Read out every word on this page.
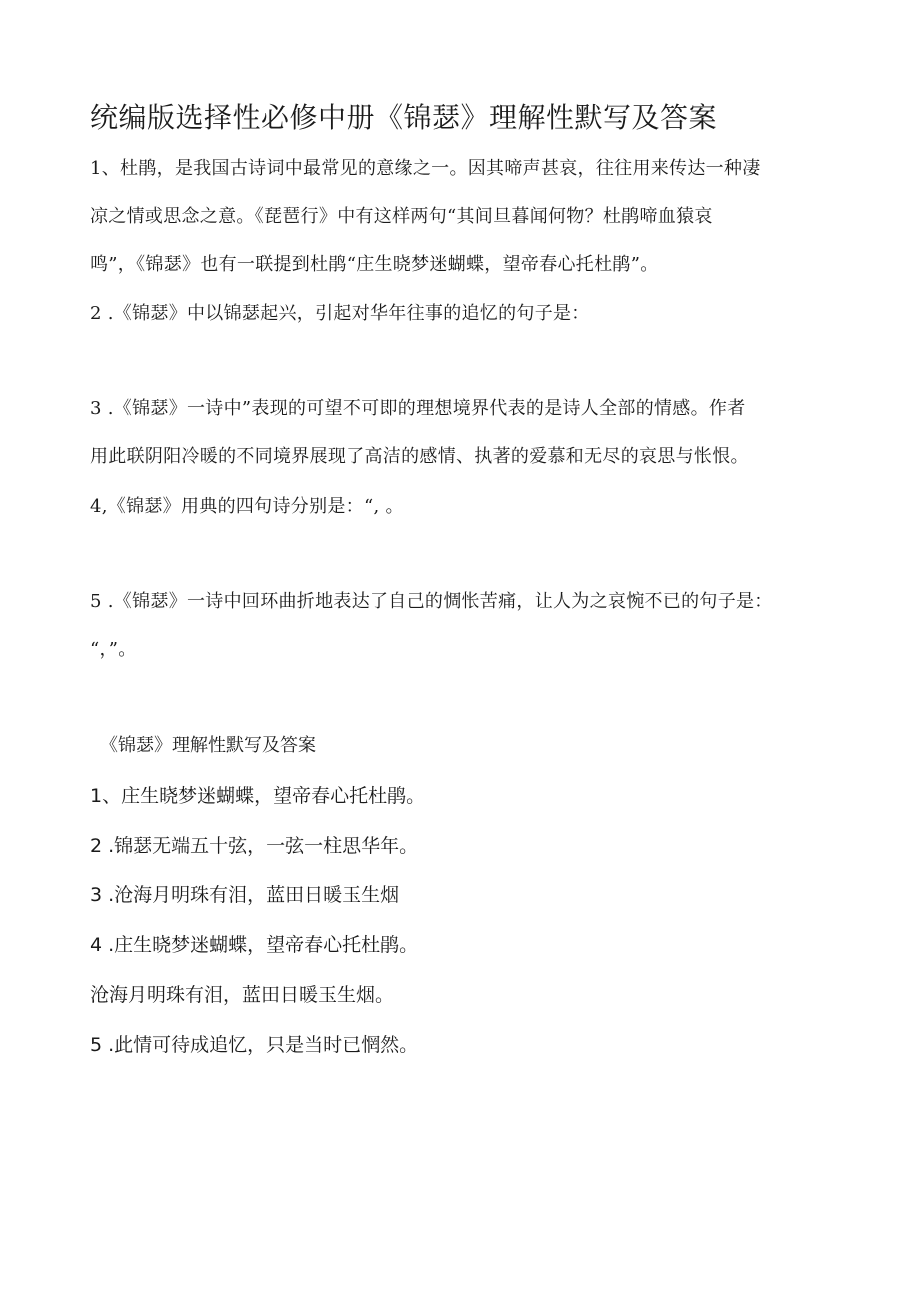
统编版选择性必修中册《锦瑟》理解性默写及答案
1、杜鹃，是我国古诗词中最常见的意缘之一。因其啼声甚哀，往往用来传达一种凄
凉之情或思念之意。《琵琶行》中有这样两句“其间旦暮闻何物？杜鹃啼血猿哀
鸣”，《锦瑟》也有一联提到杜鹃“庄生晓梦迷蝴蝶，望帝春心托杜鹃”。
2 .《锦瑟》中以锦瑟起兴，引起对华年往事的追忆的句子是：
3 .《锦瑟》一诗中”表现的可望不可即的理想境界代表的是诗人全部的情感。作者
用此联阴阳冷暖的不同境界展现了高洁的感情、执著的爱慕和无尽的哀思与怅恨。
4,《锦瑟》用典的四句诗分别是：“, 。
5 .《锦瑟》一诗中回环曲折地表达了自己的惆怅苦痛，让人为之哀惋不已的句子是：
“，”。
《锦瑟》理解性默写及答案
1、庄生晓梦迷蝴蝶，望帝春心托杜鹃。
2 .锦瑟无端五十弦，一弦一柱思华年。
3 .沧海月明珠有泪，蓝田日暖玉生烟
4 .庄生晓梦迷蝴蝶，望帝春心托杜鹃。
沧海月明珠有泪，蓝田日暖玉生烟。
5 .此情可待成追忆，只是当时已惘然。
